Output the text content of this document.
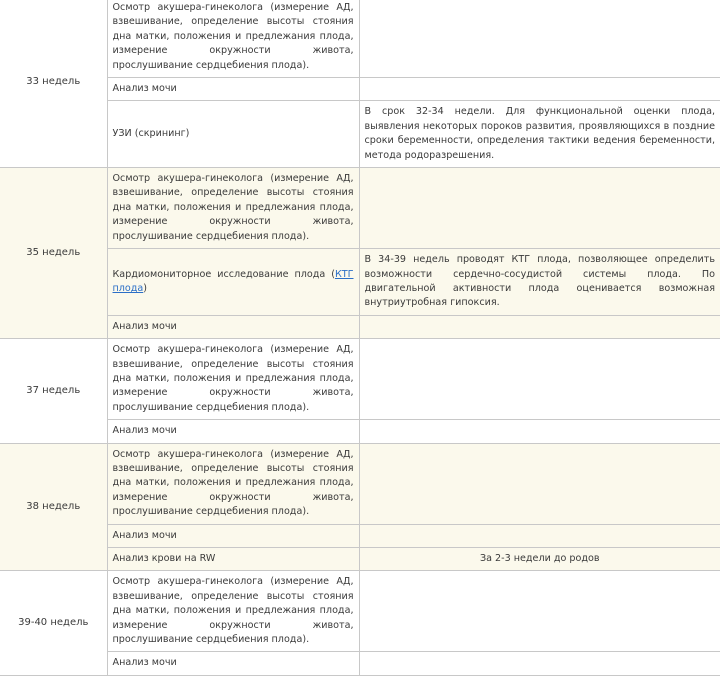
33 недель	Осмотр акушера-гинеколога (измерение АД, взвешивание, определение высоты стояния дна матки, положения и предлежания плода, измерение окружности живота, прослушивание сердцебиения плода).	
	Анализ мочи	
	УЗИ (скрининг)	В срок 32-34 недели. Для функциональной оценки плода, выявления некоторых пороков развития, проявляющихся в поздние сроки беременности, определения тактики ведения беременности, метода родоразрешения.
35 недель	Осмотр акушера-гинеколога (измерение АД, взвешивание, определение высоты стояния дна матки, положения и предлежания плода, измерение окружности живота, прослушивание сердцебиения плода).	
	Кардиомониторное исследование плода (КТГ плода)	В 34-39 недель проводят КТГ плода, позволяющее определить возможности сердечно-сосудистой системы плода. По двигательной активности плода оценивается возможная внутриутробная гипоксия.
	Анализ мочи	
37 недель	Осмотр акушера-гинеколога (измерение АД, взвешивание, определение высоты стояния дна матки, положения и предлежания плода, измерение окружности живота, прослушивание сердцебиения плода).	
	Анализ мочи	
38 недель	Осмотр акушера-гинеколога (измерение АД, взвешивание, определение высоты стояния дна матки, положения и предлежания плода, измерение окружности живота, прослушивание сердцебиения плода).	
	Анализ мочи	
	Анализ крови на RW	За 2-3 недели до родов
39-40 недель	Осмотр акушера-гинеколога (измерение АД, взвешивание, определение высоты стояния дна матки, положения и предлежания плода, измерение окружности живота, прослушивание сердцебиения плода).	
	Анализ мочи	
